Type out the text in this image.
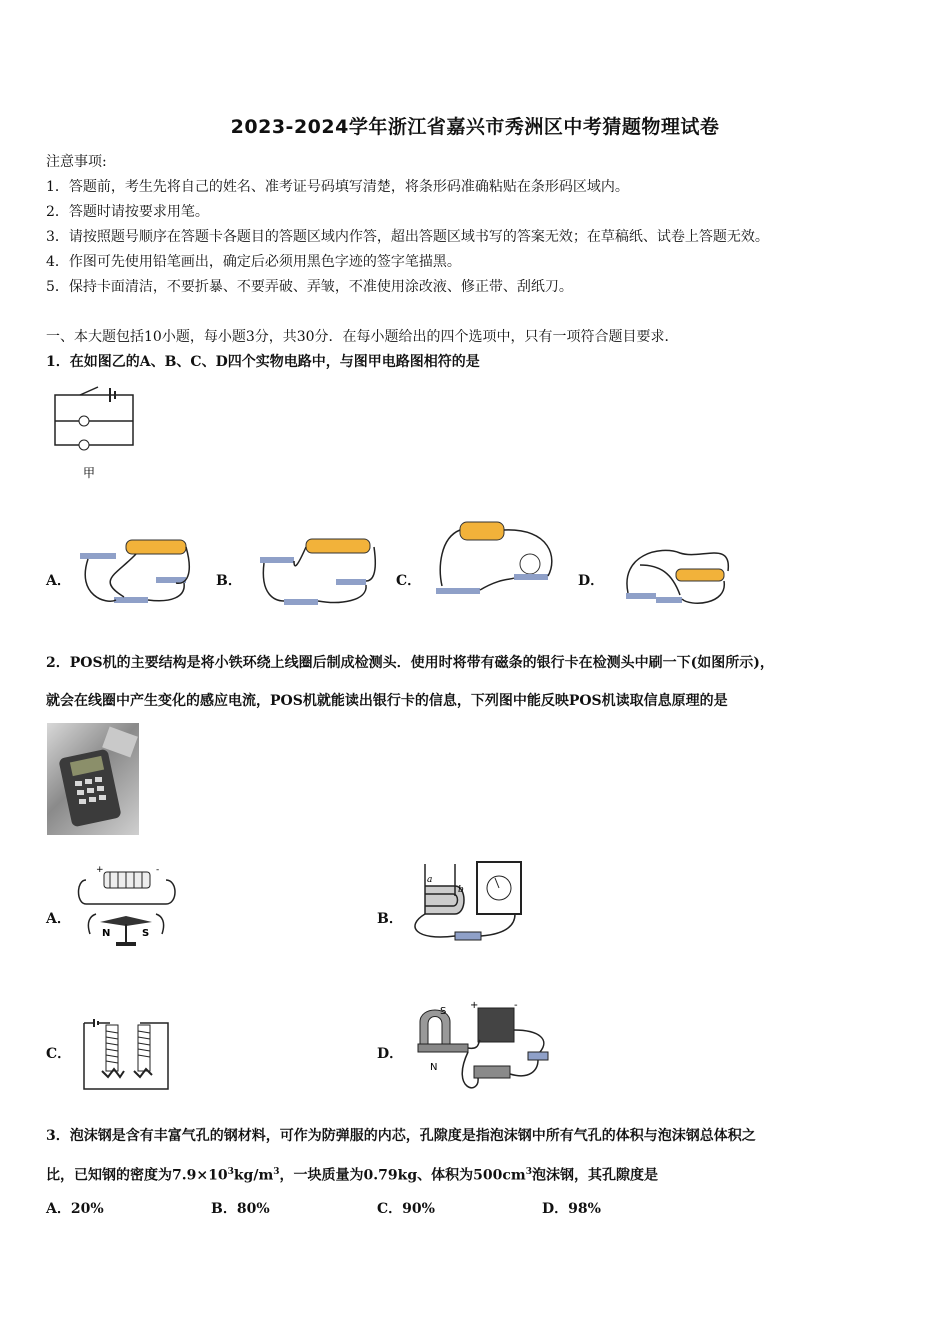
2023-2024学年浙江省嘉兴市秀洲区中考猜题物理试卷
注意事项:
1．答题前，考生先将自己的姓名、准考证号码填写清楚，将条形码准确粘贴在条形码区域内。
2．答题时请按要求用笔。
3．请按照题号顺序在答题卡各题目的答题区域内作答，超出答题区域书写的答案无效；在草稿纸、试卷上答题无效。
4．作图可先使用铅笔画出，确定后必须用黑色字迹的签字笔描黑。
5．保持卡面清洁，不要折暴、不要弄破、弄皱，不准使用涂改液、修正带、刮纸刀。
一、本大题包括10小题，每小题3分，共30分．在每小题给出的四个选项中，只有一项符合题目要求．
1．在如图乙的A、B、C、D四个实物电路中，与图甲电路图相符的是
甲
A．	B．	C．	D．
2．POS机的主要结构是将小铁环绕上线圈后制成检测头．使用时将带有磁条的银行卡在检测头中刷一下(如图所示)，
就会在线圈中产生变化的感应电流，POS机就能读出银行卡的信息，下列图中能反映POS机读取信息原理的是
A．
+	-
N	S
B．
a
b
C．	D．
S
N
+	-
3．泡沫钢是含有丰富气孔的钢材料，可作为防弹服的内芯，孔隙度是指泡沫钢中所有气孔的体积与泡沫钢总体积之
比，已知钢的密度为$7.9\times 10^3kg/m^3$，一块质量为0.79kg、体积为$500cm^3$泡沫钢，其孔隙度是
A．20%	B．80%	C．90%	D．98%
